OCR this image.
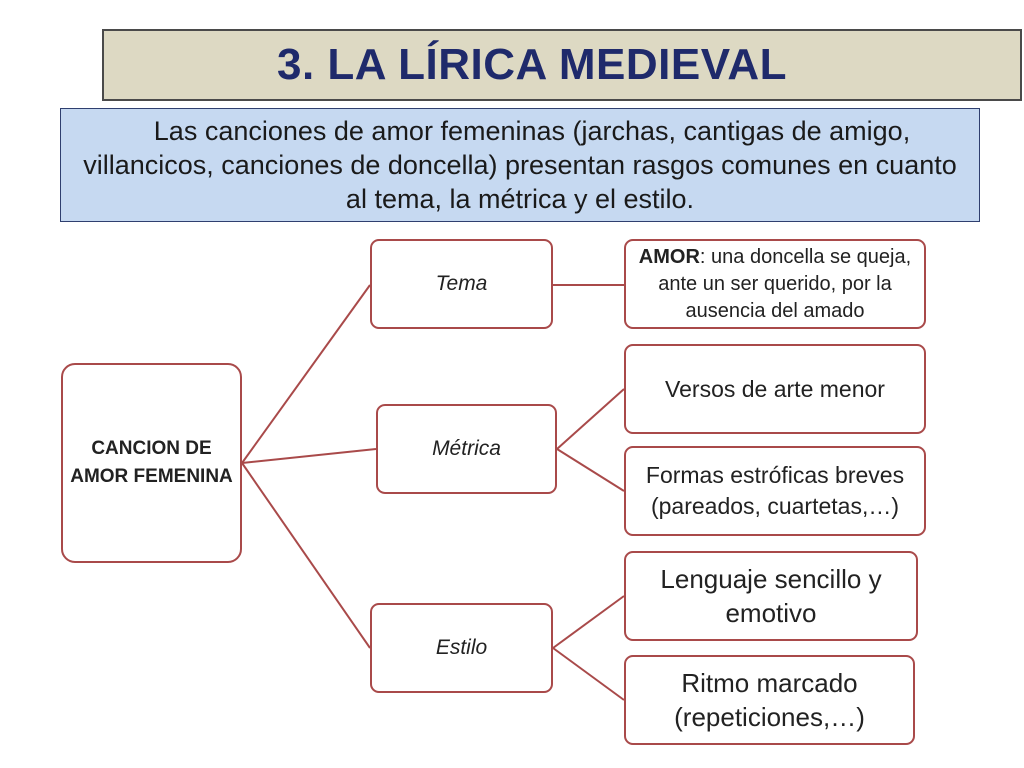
3. LA LÍRICA MEDIEVAL
Las canciones de amor femeninas (jarchas, cantigas de amigo, villancicos, canciones de doncella) presentan rasgos comunes en cuanto al tema, la métrica y el estilo.
CANCION DE AMOR FEMENINA
Tema
Métrica
Estilo
AMOR: una doncella se queja, ante un ser querido, por la ausencia del amado
Versos de arte menor
Formas estróficas breves (pareados, cuartetas,…)
Lenguaje sencillo y emotivo
Ritmo marcado (repeticiones,…)
